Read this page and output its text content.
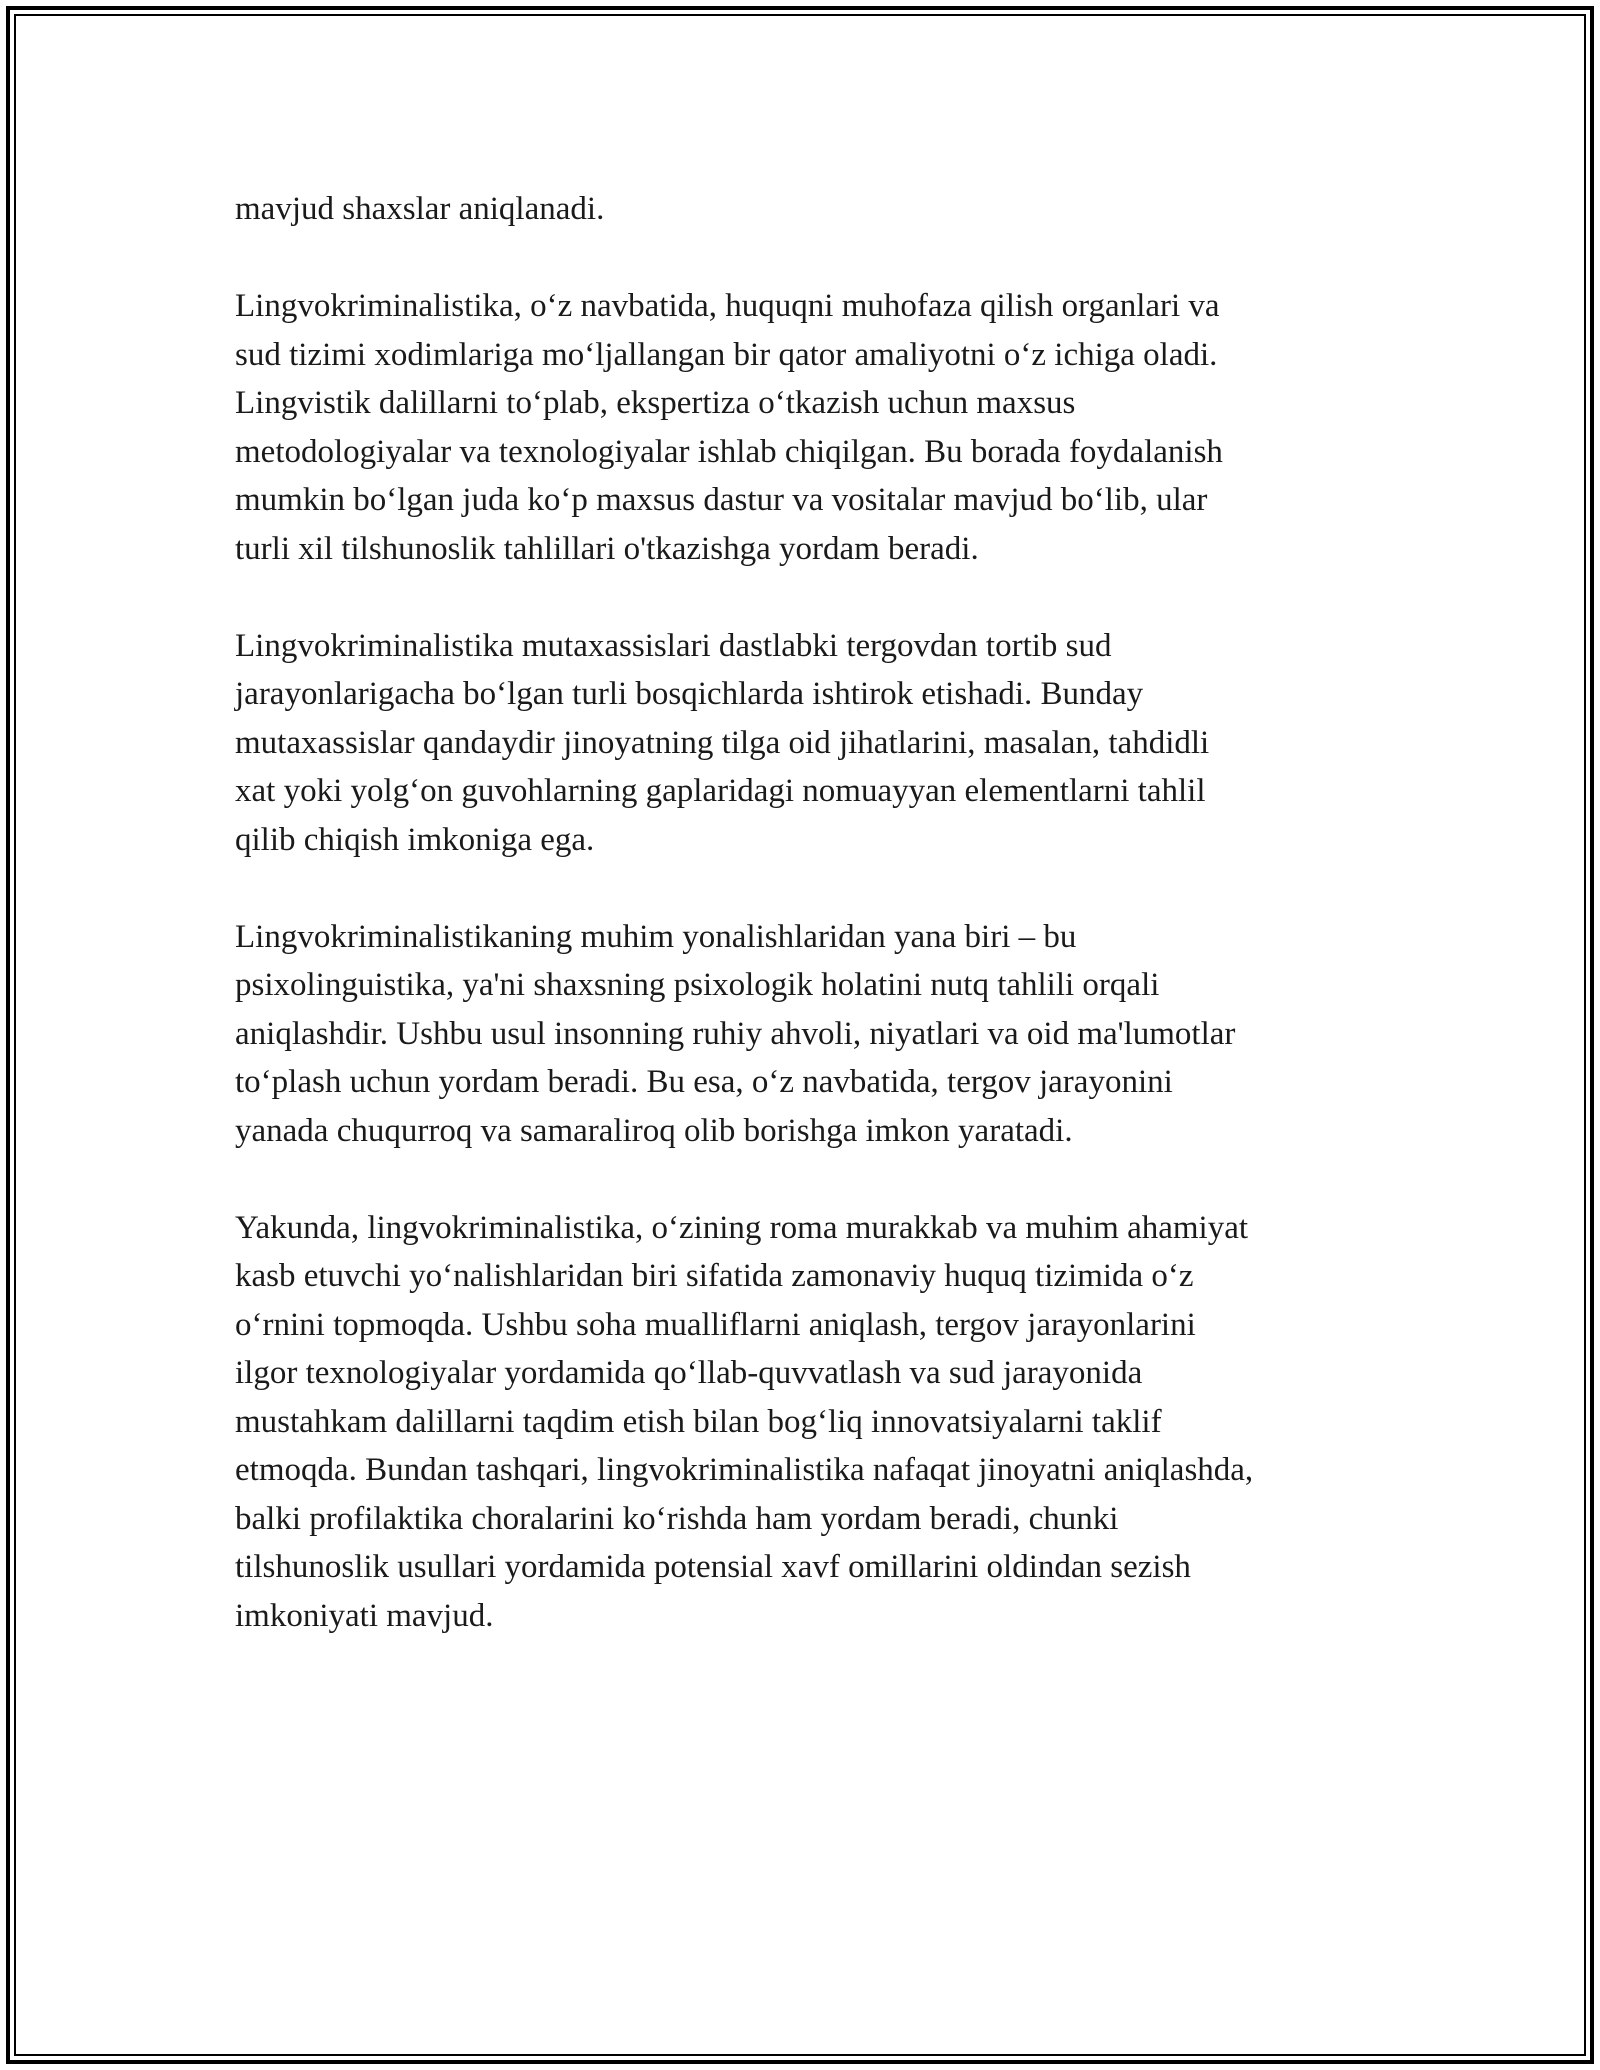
mavjud shaxslar aniqlanadi.

Lingvokriminalistika, o‘z navbatida, huquqni muhofaza qilish organlari va
sud tizimi xodimlariga mo‘ljallangan bir qator amaliyotni o‘z ichiga oladi.
Lingvistik dalillarni to‘plab, ekspertiza o‘tkazish uchun maxsus
metodologiyalar va texnologiyalar ishlab chiqilgan. Bu borada foydalanish
mumkin bo‘lgan juda ko‘p maxsus dastur va vositalar mavjud bo‘lib, ular
turli xil tilshunoslik tahlillari o'tkazishga yordam beradi.

Lingvokriminalistika mutaxassislari dastlabki tergovdan tortib sud
jarayonlarigacha bo‘lgan turli bosqichlarda ishtirok etishadi. Bunday
mutaxassislar qandaydir jinoyatning tilga oid jihatlarini, masalan, tahdidli
xat yoki yolg‘on guvohlarning gaplaridagi nomuayyan elementlarni tahlil
qilib chiqish imkoniga ega.

Lingvokriminalistikaning muhim yonalishlaridan yana biri – bu
psixolinguistika, ya'ni shaxsning psixologik holatini nutq tahlili orqali
aniqlashdir. Ushbu usul insonning ruhiy ahvoli, niyatlari va oid ma'lumotlar
to‘plash uchun yordam beradi. Bu esa, o‘z navbatida, tergov jarayonini
yanada chuqurroq va samaraliroq olib borishga imkon yaratadi.

Yakunda, lingvokriminalistika, o‘zining roma murakkab va muhim ahamiyat
kasb etuvchi yo‘nalishlaridan biri sifatida zamonaviy huquq tizimida o‘z
o‘rnini topmoqda. Ushbu soha mualliflarni aniqlash, tergov jarayonlarini
ilgor texnologiyalar yordamida qo‘llab-quvvatlash va sud jarayonida
mustahkam dalillarni taqdim etish bilan bog‘liq innovatsiyalarni taklif
etmoqda. Bundan tashqari, lingvokriminalistika nafaqat jinoyatni aniqlashda,
balki profilaktika choralarini ko‘rishda ham yordam beradi, chunki
tilshunoslik usullari yordamida potensial xavf omillarini oldindan sezish
imkoniyati mavjud.
